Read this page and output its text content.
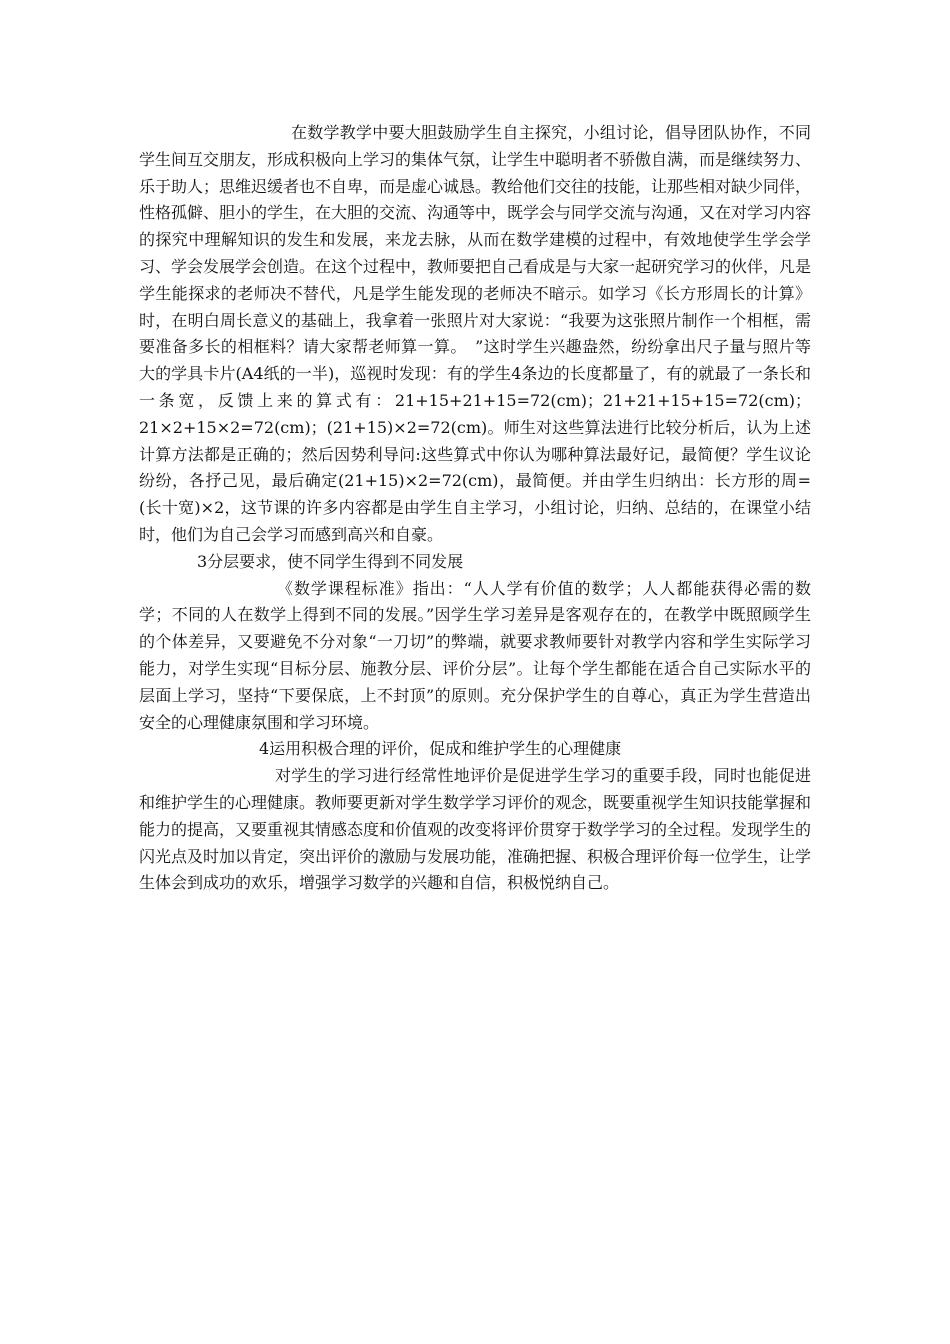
在数学教学中要大胆鼓励学生自主探究，小组讨论，倡导团队协作，不同学生间互交朋友，形成积极向上学习的集体气氛，让学生中聪明者不骄傲自满，而是继续努力、乐于助人；思维迟缓者也不自卑，而是虚心诚恳。教给他们交往的技能，让那些相对缺少同伴，性格孤僻、胆小的学生，在大胆的交流、沟通等中，既学会与同学交流与沟通，又在对学习内容的探究中理解知识的发生和发展，来龙去脉，从而在数学建模的过程中，有效地使学生学会学习、学会发展学会创造。在这个过程中，教师要把自己看成是与大家一起研究学习的伙伴，凡是学生能探求的老师决不替代，凡是学生能发现的老师决不暗示。如学习《长方形周长的计算》时，在明白周长意义的基础上，我拿着一张照片对大家说：“我要为这张照片制作一个相框，需要准备多长的相框料？请大家帮老师算一算。　”这时学生兴趣盎然，纷纷拿出尺子量与照片等大的学具卡片(A4纸的一半)，巡视时发现：有的学生4条边的长度都量了，有的就最了一条长和一条宽，反馈上来的算式有：21+15+21+15=72(cm)；21+21+15+15=72(cm)；21×2+15×2=72(cm)；(21+15)×2=72(cm)。师生对这些算法进行比较分析后，认为上述计算方法都是正确的；然后因势利导问:这些算式中你认为哪种算法最好记，最简便？学生议论纷纷，各抒己见，最后确定(21+15)×2=72(cm)，最简便。并由学生归纳出：长方形的周=(长十宽)×2，这节课的许多内容都是由学生自主学习，小组讨论，归纳、总结的，在课堂小结时，他们为自己会学习而感到高兴和自豪。

3分层要求，使不同学生得到不同发展

《数学课程标准》指出：“人人学有价值的数学；人人都能获得必需的数学；不同的人在数学上得到不同的发展。”因学生学习差异是客观存在的，在教学中既照顾学生的个体差异，又要避免不分对象“一刀切”的弊端，就要求教师要针对教学内容和学生实际学习能力，对学生实现“目标分层、施教分层、评价分层”。让每个学生都能在适合自己实际水平的层面上学习，坚持“下要保底，上不封顶”的原则。充分保护学生的自尊心，真正为学生营造出安全的心理健康氛围和学习环境。

4运用积极合理的评价，促成和维护学生的心理健康

对学生的学习进行经常性地评价是促进学生学习的重要手段，同时也能促进和维护学生的心理健康。教师要更新对学生数学学习评价的观念，既要重视学生知识技能掌握和能力的提高，又要重视其情感态度和价值观的改变将评价贯穿于数学学习的全过程。发现学生的闪光点及时加以肯定，突出评价的激励与发展功能，准确把握、积极合理评价每一位学生，让学生体会到成功的欢乐，增强学习数学的兴趣和自信，积极悦纳自己。
